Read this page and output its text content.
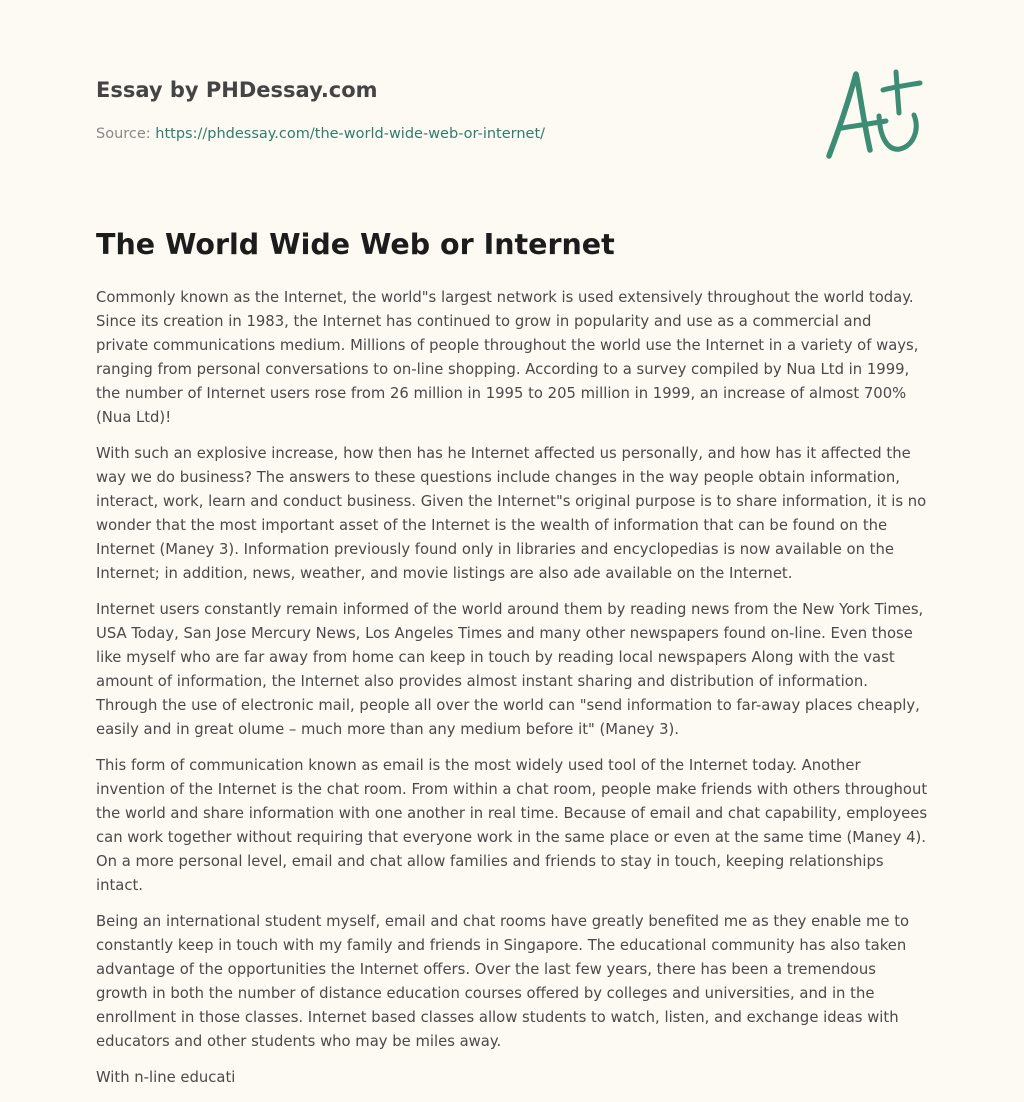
Essay by PHDessay.com
Source: https://phdessay.com/the-world-wide-web-or-internet/
The World Wide Web or Internet

Commonly known as the Internet, the world"s largest network is used extensively throughout the world today. Since its creation in 1983, the Internet has continued to grow in popularity and use as a commercial and private communications medium. Millions of people throughout the world use the Internet in a variety of ways, ranging from personal conversations to on-line shopping. According to a survey compiled by Nua Ltd in 1999, the number of Internet users rose from 26 million in 1995 to 205 million in 1999, an increase of almost 700% (Nua Ltd)!

With such an explosive increase, how then has he Internet affected us personally, and how has it affected the way we do business? The answers to these questions include changes in the way people obtain information, interact, work, learn and conduct business. Given the Internet"s original purpose is to share information, it is no wonder that the most important asset of the Internet is the wealth of information that can be found on the Internet (Maney 3). Information previously found only in libraries and encyclopedias is now available on the Internet; in addition, news, weather, and movie listings are also ade available on the Internet.

Internet users constantly remain informed of the world around them by reading news from the New York Times, USA Today, San Jose Mercury News, Los Angeles Times and many other newspapers found on-line. Even those like myself who are far away from home can keep in touch by reading local newspapers Along with the vast amount of information, the Internet also provides almost instant sharing and distribution of information. Through the use of electronic mail, people all over the world can "send information to far-away places cheaply, easily and in great olume – much more than any medium before it" (Maney 3).

This form of communication known as email is the most widely used tool of the Internet today. Another invention of the Internet is the chat room. From within a chat room, people make friends with others throughout the world and share information with one another in real time. Because of email and chat capability, employees can work together without requiring that everyone work in the same place or even at the same time (Maney 4). On a more personal level, email and chat allow families and friends to stay in touch, keeping relationships intact.

Being an international student myself, email and chat rooms have greatly benefited me as they enable me to constantly keep in touch with my family and friends in Singapore. The educational community has also taken advantage of the opportunities the Internet offers. Over the last few years, there has been a tremendous growth in both the number of distance education courses offered by colleges and universities, and in the enrollment in those classes. Internet based classes allow students to watch, listen, and exchange ideas with educators and other students who may be miles away.

With n-line educati
